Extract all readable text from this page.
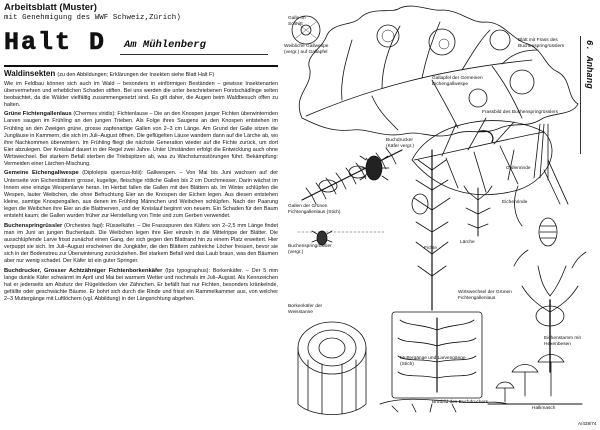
Arbeitsblatt (Muster)
mit Genehmigung des WWF Schweiz,Zürich)
Halt D Am Mühlenberg
Waldinsekten (zu den Abbildungen; Erklärungen der Insekten siehe Blatt Halt F)

Wie im Feldbau können sich auch im Wald – besonders in einförmigen Beständen – gewisse Insektenarten übervermehren und erheblichen Schaden stiften. Bei uns werden die unter beschriebenen Forstschädlinge selten beobachtet, da die Wälder vielfältig zusammengesetzt sind. Es gilt daher, die Augen beim Waldbesuch offen zu halten.

Grüne Fichtengallenlaus (Chermes viridis): Fichtenlause – Die an den Knospen junger Fichten überwinternden Larven saugen im Frühling an den jungen Trieben. Als Folge ihres Saugens an den Knospen entstehen im Frühling an den Zweigen grüne, grosse zapfenartige Gallen von 2–3 cm Länge. Am Grund der Galle sitzen die Jungläuse in Kammern, die sich im Juli–August öffnen. Die geflügelten Läuse wandern dann auf die Lärche ab, wo ihre Nachkommen überwintern. Im Frühling fliegt die nächste Generation wieder auf die Fichte zurück, um dort Eier abzulegen. Der Kreislauf dauert in der Regel zwei Jahre. Unter Umständen erfolgt die Entwicklung auch ohne Wirtswechsel. Bei starkem Befall sterben die Triebspitzen ab, was zu Wachstumsstörungen führt. Bekämpfung: Vermeiden einer Lärchen-Mischung.

Gemeine Eichengallwespe (Diplolepis quercus-folii): Gallwespen. – Von Mai bis Juni wachsen auf der Unterseite von Eichenblättern grosse, kugelige, fleischige rötliche Gallen bis 2 cm Durchmesser. Darin wächst im Innern eine einzige Wespenlarve heran. Im Herbst fallen die Gallen mit den Blättern ab. Im Winter schlüpfen die Wespen, lauter Weibchen, die ohne Befruchtung Eier an die Knospen der Eichen legen. Aus diesen entstehen kleine, samtige Knospengallen, aus denen im Frühling Männchen und Weibchen schlüpfen. Nach der Paarung legen die Weibchen ihre Eier an die Blattnerven, und der Kreislauf beginnt von neuem. Ein Schaden für den Baum entsteht kaum; die Gallen wurden früher zur Herstellung von Tinte und zum Gerben verwendet.

Buchenspringrüssler (Orchestes fagi): Rüsselkäfer. – Die Frassspuren des Käfers von 2–2,5 mm Länge findet man im Juni an jungen Buchenlaub. Die Weibchen legen ihre Eier einzeln in die Mittelrippe der Blätter. Die ausschlüpfende Larve frisst zunächst einen Gang, der sich gegen den Blattrand hin zu einem Platz erweitert. Hier verpuppt sie sich. Im Juli–August erscheinen die Jungkäfer, die den Blättern zahlreiche Löcher fressen, bevor sie sich in der Bodenstreu zur Überwinterung zurückziehen. Bei starkem Befall wird das Laub braun, was den Bäumen aber nur wenig schadet. Der Käfer ist ein guter Springer.

Buchdrucker, Grosser Achtzähniger Fichtenborkenkäfer (Ips typographus): Borkenkäfer. – Der 5 mm lange dunkle Käfer schwärmt im April und Mai bei warmem Wetter und nochmals im Juli–August. Als Kennzeichen hat er jederseits am Absturz der Flügeldecken vier Zähnchen. Er befällt fast nur Fichten, besonders kränkelnde, gefällte oder geschwächte Bäume. Er bohrt sich durch die Rinde und frisst ein Rammelkammer aus, von welcher 2–3 Muttergänge mit Luftlöchern (vgl. Abbildung) in der Längsrichtung abgehen.

Weibliche Gallwespe (vergr.) auf Gallapfel
Galle im Schnitt
Gallapfel der Gemeinen Eichengallwespe
Blatt mit Frass des Buchenspringrüsslers
Frassbild des Buchenspringrüsslers
Buchdrucker (Käfer vergr.)
Buchenspringrüssler (vergr.)
Lärche
Fichte
Eichenrinde
Wirtswechsel der Grünen Fichtengallenlaus
Gallenrinde
Gallen der Grünen Fichtengallenlaus (Stich)
Muttergänge und Larvengänge (Stich)
Borkenkäfer der Weisstanne
Hallimasch
Brutbild des Buchdruckers
Eichenstamm mit Hexenbesen
6. Anhang
A/438/74
